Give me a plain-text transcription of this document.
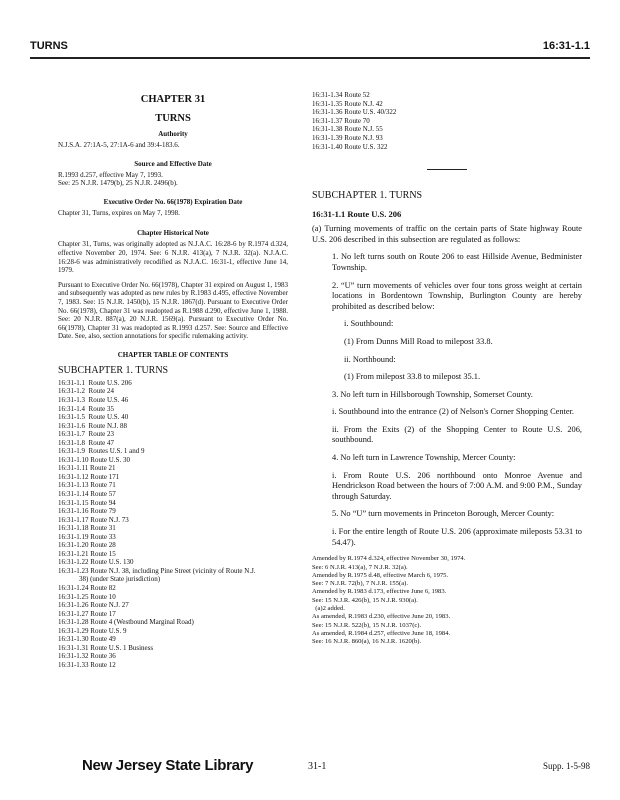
TURNS	16:31-1.1
CHAPTER 31
TURNS
Authority
N.J.S.A. 27:1A-5, 27:1A-6 and 39:4-183.6.
Source and Effective Date
R.1993 d.257, effective May 7, 1993.
See: 25 N.J.R. 1479(b), 25 N.J.R. 2496(b).
Executive Order No. 66(1978) Expiration Date
Chapter 31, Turns, expires on May 7, 1998.
Chapter Historical Note
Chapter 31, Turns, was originally adopted as N.J.A.C. 16:28-6 by R.1974 d.324, effective November 20, 1974. See: 6 N.J.R. 413(a), 7 N.J.R. 32(a). N.J.A.C. 16:28-6 was administratively recodified as N.J.A.C. 16:31-1, effective June 14, 1979.
Pursuant to Executive Order No. 66(1978), Chapter 31 expired on August 1, 1983 and subsequently was adopted as new rules by R.1983 d.495, effective November 7, 1983. See: 15 N.J.R. 1450(b), 15 N.J.R. 1867(d). Pursuant to Executive Order No. 66(1978), Chapter 31 was readopted as R.1988 d.290, effective June 1, 1988. See: 20 N.J.R. 887(a), 20 N.J.R. 1569(a). Pursuant to Executive Order No. 66(1978), Chapter 31 was readopted as R.1993 d.257. See: Source and Effective Date. See, also, section annotations for specific rulemaking activity.
CHAPTER TABLE OF CONTENTS
SUBCHAPTER 1. TURNS
16:31-1.1  Route U.S. 206
16:31-1.2  Route 24
16:31-1.3  Route U.S. 46
16:31-1.4  Route 35
16:31-1.5  Route U.S. 40
16:31-1.6  Route N.J. 88
16:31-1.7  Route 23
16:31-1.8  Route 47
16:31-1.9  Routes U.S. 1 and 9
16:31-1.10 Route U.S. 30
16:31-1.11 Route 21
16:31-1.12 Route 171
16:31-1.13 Route 71
16:31-1.14 Route 57
16:31-1.15 Route 94
16:31-1.16 Route 79
16:31-1.17 Route N.J. 73
16:31-1.18 Route 31
16:31-1.19 Route 33
16:31-1.20 Route 28
16:31-1.21 Route 15
16:31-1.22 Route U.S. 130
16:31-1.23 Route N.J. 38, including Pine Street (vicinity of Route N.J.
38) (under State jurisdiction)
16:31-1.24 Route 82
16:31-1.25 Route 10
16:31-1.26 Route N.J. 27
16:31-1.27 Route 17
16:31-1.28 Route 4 (Westbound Marginal Road)
16:31-1.29 Route U.S. 9
16:31-1.30 Route 49
16:31-1.31 Route U.S. 1 Business
16:31-1.32 Route 36
16:31-1.33 Route 12
16:31-1.34 Route 52
16:31-1.35 Route N.J. 42
16:31-1.36 Route U.S. 40/322
16:31-1.37 Route 70
16:31-1.38 Route N.J. 55
16:31-1.39 Route N.J. 93
16:31-1.40 Route U.S. 322
SUBCHAPTER 1. TURNS
16:31-1.1 Route U.S. 206
(a) Turning movements of traffic on the certain parts of State highway Route U.S. 206 described in this subsection are regulated as follows:
1. No left turns south on Route 206 to east Hillside Avenue, Bedminister Township.
2. “U” turn movements of vehicles over four tons gross weight at certain locations in Bordentown Township, Burlington County are hereby prohibited as described below:
i. Southbound:
(1) From Dunns Mill Road to milepost 33.8.
ii. Northbound:
(1) From milepost 33.8 to milepost 35.1.
3. No left turn in Hillsborough Township, Somerset County.
i. Southbound into the entrance (2) of Nelson's Corner Shopping Center.
ii. From the Exits (2) of the Shopping Center to Route U.S. 206, southbound.
4. No left turn in Lawrence Township, Mercer County:
i. From Route U.S. 206 northbound onto Monroe Avenue and Hendrickson Road between the hours of 7:00 A.M. and 9:00 P.M., Sunday through Saturday.
5. No “U” turn movements in Princeton Borough, Mercer County:
i. For the entire length of Route U.S. 206 (approximate mileposts 53.31 to 54.47).
Amended by R.1974 d.324, effective November 30, 1974.
See: 6 N.J.R. 413(a), 7 N.J.R. 32(a).
Amended by R.1975 d.48, effective March 6, 1975.
See: 7 N.J.R. 72(b), 7 N.J.R. 155(a).
Amended by R.1983 d.173, effective June 6, 1983.
See: 15 N.J.R. 426(b), 15 N.J.R. 930(a).
(a)2 added.
As amended, R.1983 d.230, effective June 20, 1983.
See: 15 N.J.R. 522(b), 15 N.J.R. 1037(c).
As amended, R.1984 d.257, effective June 18, 1984.
See: 16 N.J.R. 860(a), 16 N.J.R. 1620(b).
New Jersey State Library	31-1	Supp. 1-5-98
